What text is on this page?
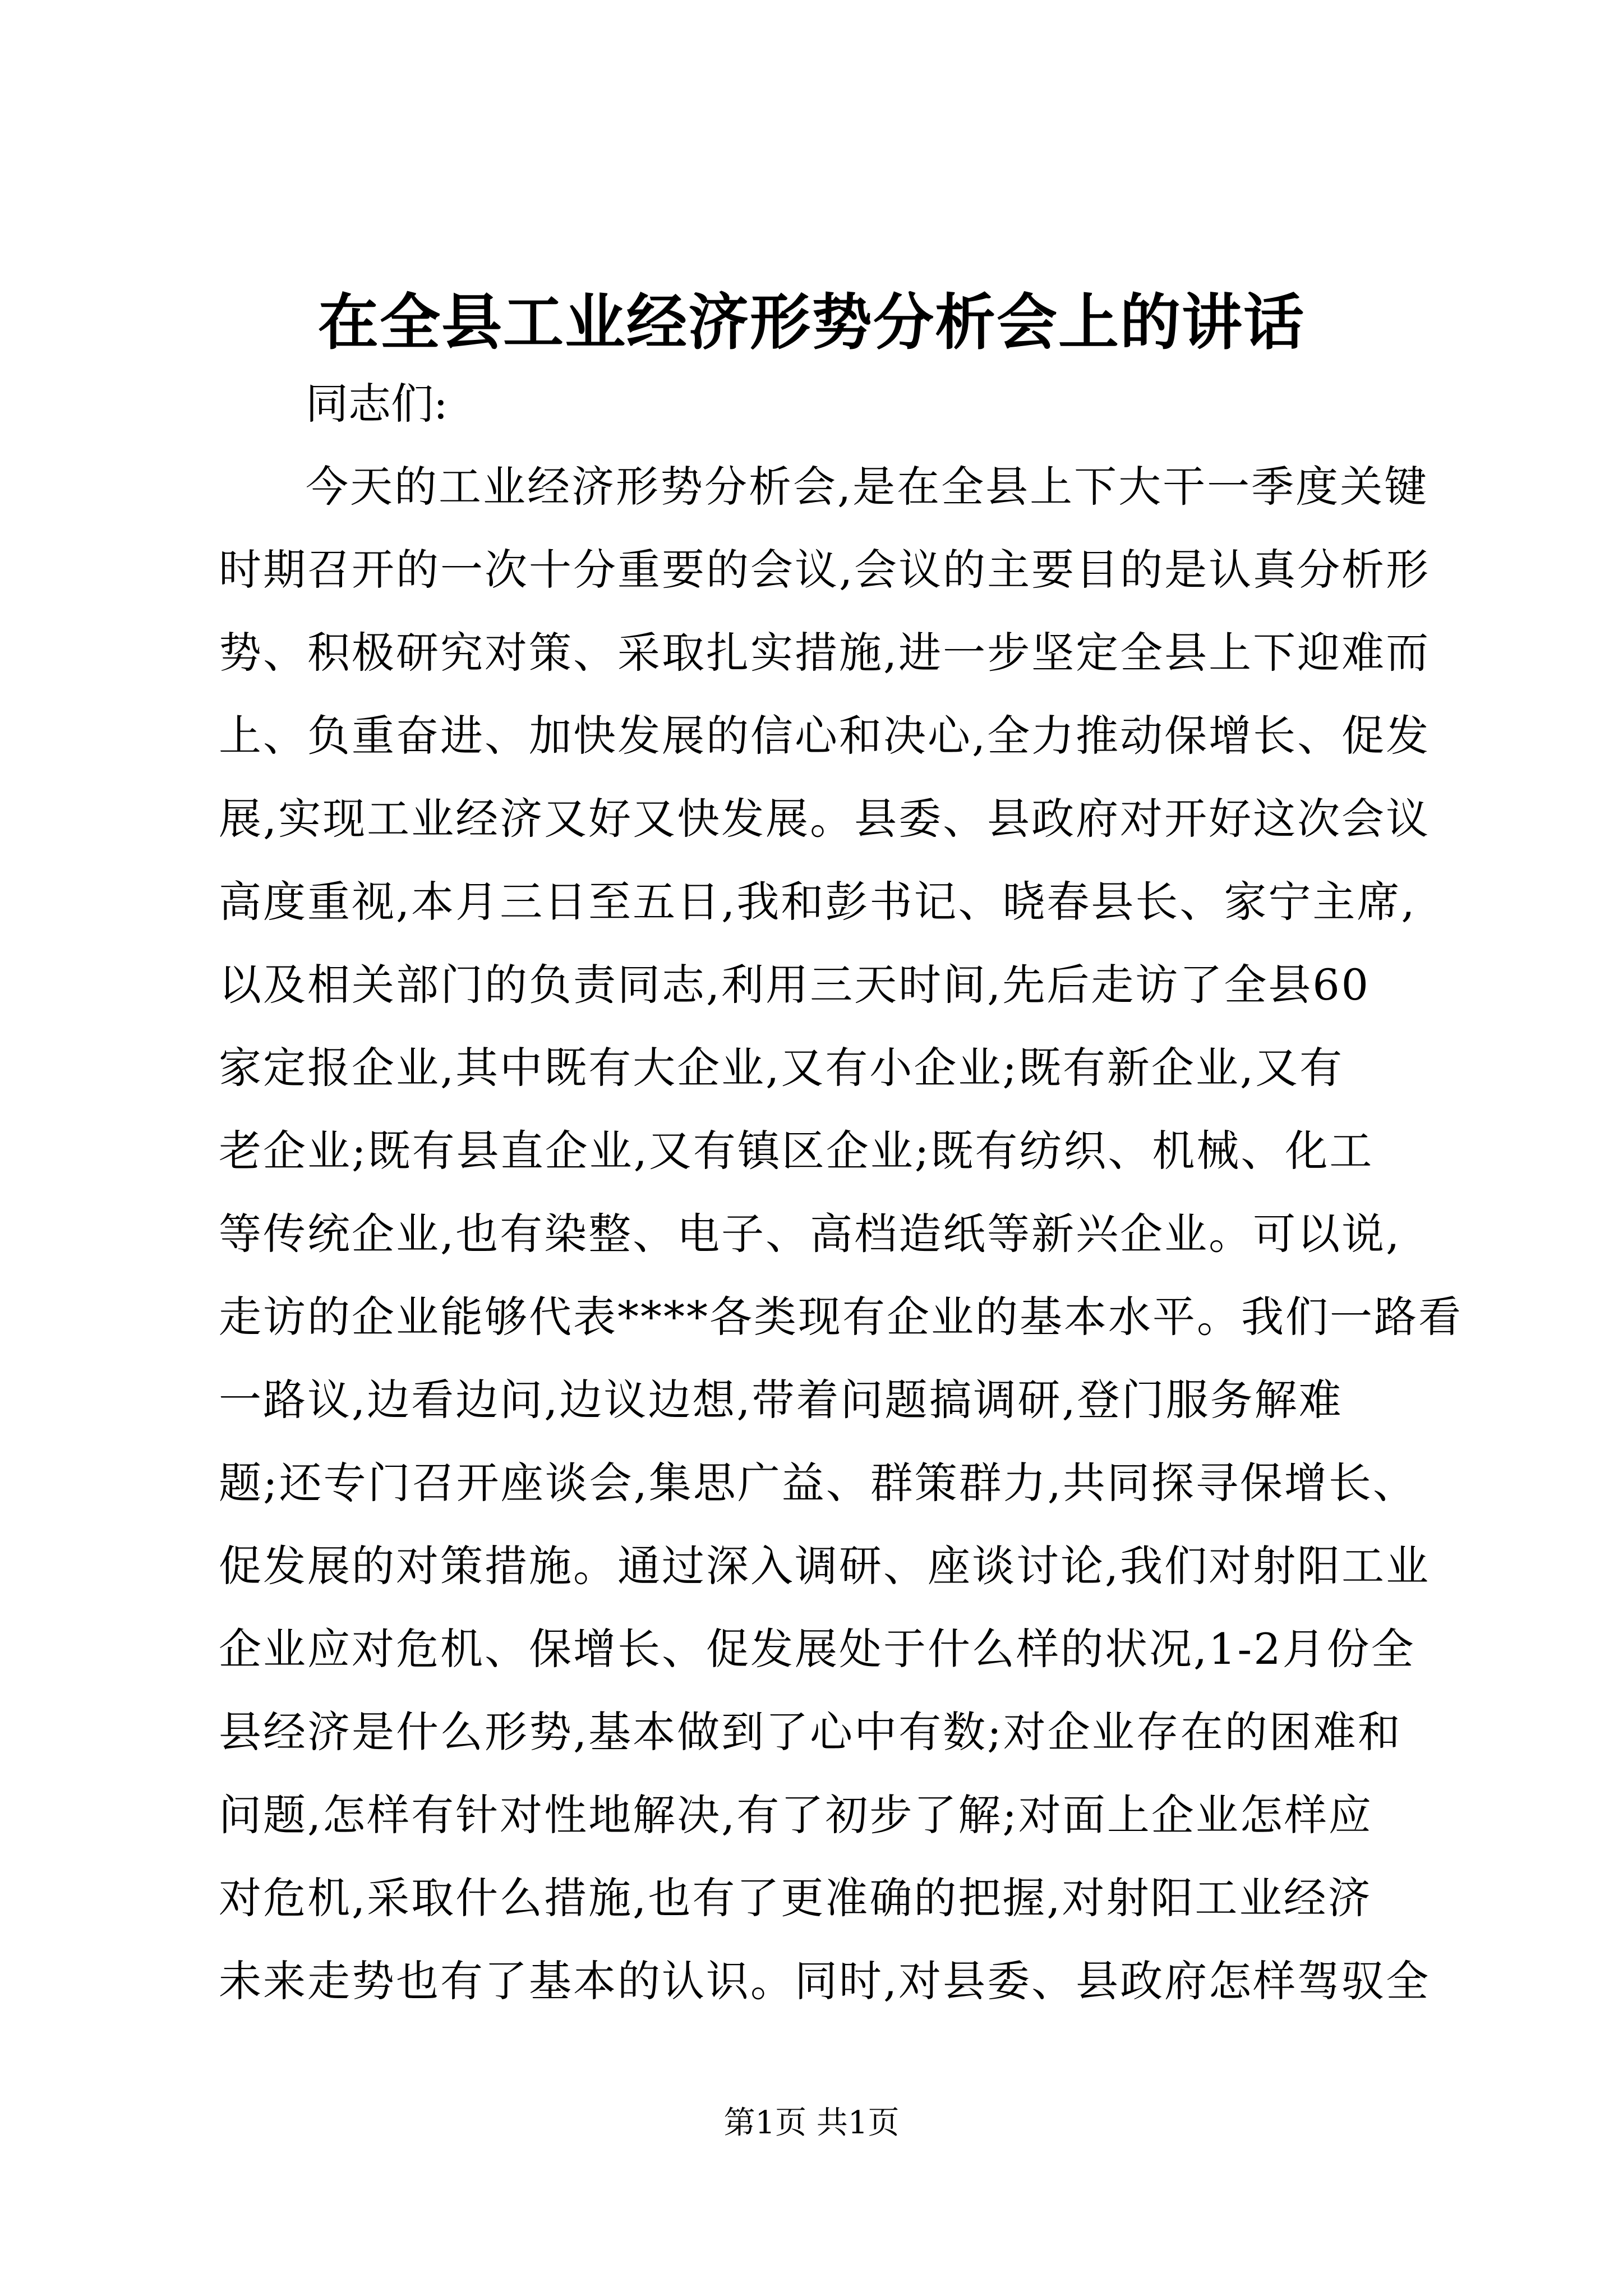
在全县工业经济形势分析会上的讲话
同志们:
今天的工业经济形势分析会,是在全县上下大干一季度关键
时期召开的一次十分重要的会议,会议的主要目的是认真分析形
势、积极研究对策、采取扎实措施,进一步坚定全县上下迎难而
上、负重奋进、加快发展的信心和决心,全力推动保增长、促发
展,实现工业经济又好又快发展。县委、县政府对开好这次会议
高度重视,本月三日至五日,我和彭书记、晓春县长、家宁主席,
以及相关部门的负责同志,利用三天时间,先后走访了全县60
家定报企业,其中既有大企业,又有小企业;既有新企业,又有
老企业;既有县直企业,又有镇区企业;既有纺织、机械、化工
等传统企业,也有染整、电子、高档造纸等新兴企业。可以说,
走访的企业能够代表****各类现有企业的基本水平。我们一路看
一路议,边看边问,边议边想,带着问题搞调研,登门服务解难
题;还专门召开座谈会,集思广益、群策群力,共同探寻保增长、
促发展的对策措施。通过深入调研、座谈讨论,我们对射阳工业
企业应对危机、保增长、促发展处于什么样的状况,1-2月份全
县经济是什么形势,基本做到了心中有数;对企业存在的困难和
问题,怎样有针对性地解决,有了初步了解;对面上企业怎样应
对危机,采取什么措施,也有了更准确的把握,对射阳工业经济
未来走势也有了基本的认识。同时,对县委、县政府怎样驾驭全
第1页 共1页
